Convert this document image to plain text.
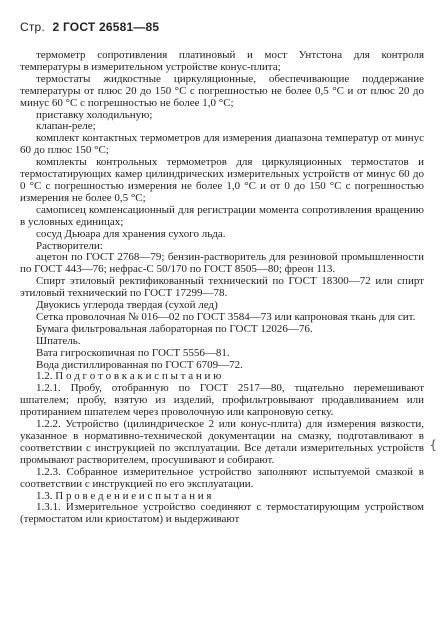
Стр. 2 ГОСТ 26581—85

термометр сопротивления платиновый и мост Унтстона для контроля температуры в измерительном устройстве конус-плита;

термостаты жидкостные циркуляционные, обеспечивающие поддержание температуры от плюс 20 до 150 °С с погрешностью не более 0,5 °С и от плюс 20 до минус 60 °С с погрешностью не более 1,0 °С;

приставку холодильную;

клапан-реле;

комплект контактных термометров для измерения диапазона температур от минус 60 до плюс 150 °С;

комплекты контрольных термометров для циркуляционных термостатов и термостатирующих камер цилиндрических измерительных устройств от минус 60 до 0 °С с погрешностью измерения не более 1,0 °С и от 0 до 150 °С с погрешностью измерения не более 0,5 °С;

самописец компенсационный для регистрации момента сопротивления вращению в условных единицах;

сосуд Дьюара для хранения сухого льда.

Растворители:

ацетон по ГОСТ 2768—79; бензин-растворитель для резиновой промышленности по ГОСТ 443—76; нефрас-С 50/170 по ГОСТ 8505—80; фреон 113.

Спирт этиловый ректификованный технический по ГОСТ 18300—72 или спирт этиловый технический по ГОСТ 17299—78.

Двуокись углерода твердая (сухой лед)

Сетка проволочная № 016—02 по ГОСТ 3584—73 или капроновая ткань для сит.

Бумага фильтровальная лабораторная по ГОСТ 12026—76.

Шпатель.

Вата гигроскопичная по ГОСТ 5556—81.

Вода дистиллированная по ГОСТ 6709—72.

1.2. П о д г о т о в к а к и с п ы т а н и ю

1.2.1. Пробу, отобранную по ГОСТ 2517—80, тщательно перемешивают шпателем; пробу, взятую из изделий, профильтровывают продавливанием или протиранием шпателем через проволочную или капроновую сетку.

1.2.2. Устройство (цилиндрическое 2 или конус-плита) для измерения вязкости, указанное в нормативно-технической документации на смазку, подготавливают в соответствии с инструкцией по эксплуатации. Все детали измерительных устройств промывают растворителем, просушивают и собирают.

1.2.3. Собранное измерительное устройство заполняют испытуемой смазкой в соответствии с инструкцией по его эксплуатации.

1.3. П р о в е д е н и е и с п ы т а н и я

1.3.1. Измерительное устройство соединяют с термостатирующим устройством (термостатом или криостатом) и выдерживают

{
